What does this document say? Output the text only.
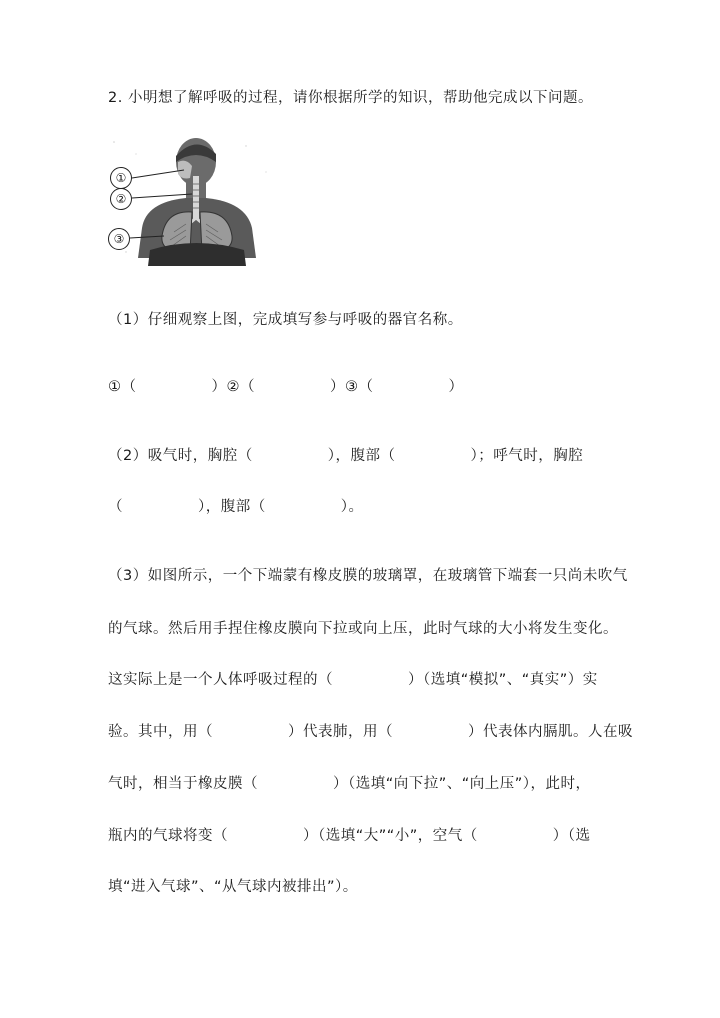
2. 小明想了解呼吸的过程，请你根据所学的知识，帮助他完成以下问题。
①
②
③
（1）仔细观察上图，完成填写参与呼吸的器官名称。
①（　　　　　）②（　　　　　）③（　　　　　）
（2）吸气时，胸腔（　　　　　），腹部（　　　　　）；呼气时，胸腔
（　　　　　），腹部（　　　　　）。
（3）如图所示，一个下端蒙有橡皮膜的玻璃罩，在玻璃管下端套一只尚未吹气
的气球。然后用手捏住橡皮膜向下拉或向上压，此时气球的大小将发生变化。
这实际上是一个人体呼吸过程的（　　　　　）（选填“模拟”、“真实”）实
验。其中，用（　　　　　）代表肺，用（　　　　　）代表体内膈肌。人在吸
气时，相当于橡皮膜（　　　　　）（选填“向下拉”、“向上压”），此时，
瓶内的气球将变（　　　　　）（选填“大”“小”，空气（　　　　　）（选
填“进入气球”、“从气球内被排出”）。
